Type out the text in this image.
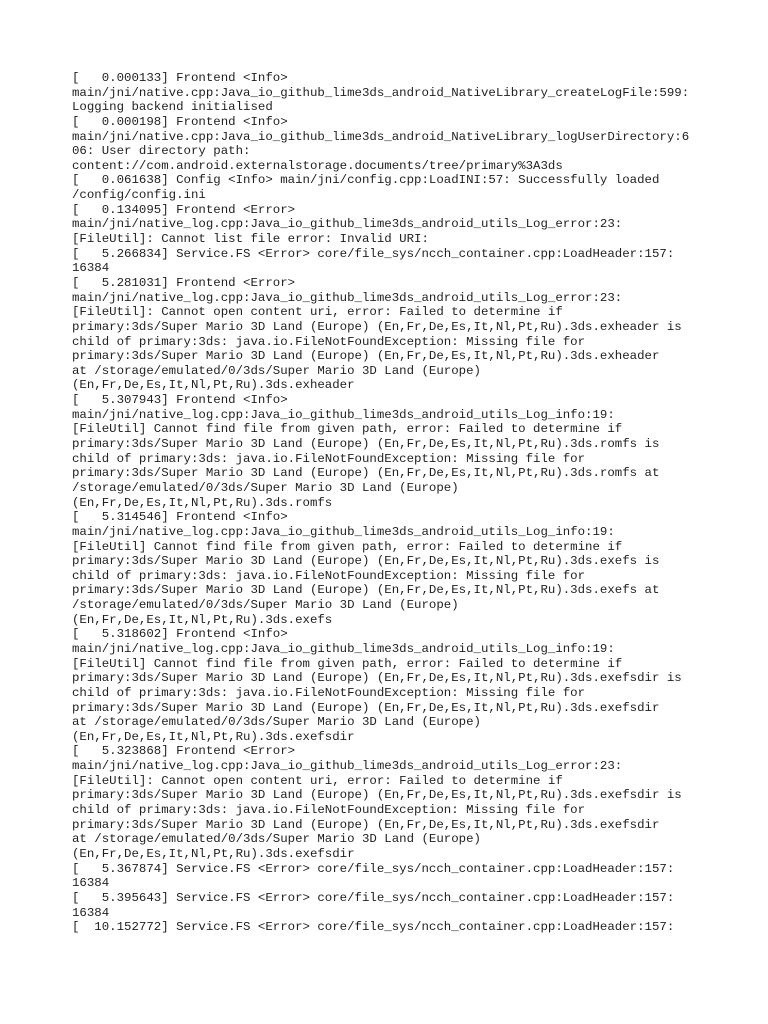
[   0.000133] Frontend <Info>
main/jni/native.cpp:Java_io_github_lime3ds_android_NativeLibrary_createLogFile:599:
Logging backend initialised
[   0.000198] Frontend <Info>
main/jni/native.cpp:Java_io_github_lime3ds_android_NativeLibrary_logUserDirectory:6
06: User directory path:
content://com.android.externalstorage.documents/tree/primary%3A3ds
[   0.061638] Config <Info> main/jni/config.cpp:LoadINI:57: Successfully loaded
/config/config.ini
[   0.134095] Frontend <Error>
main/jni/native_log.cpp:Java_io_github_lime3ds_android_utils_Log_error:23:
[FileUtil]: Cannot list file error: Invalid URI:
[   5.266834] Service.FS <Error> core/file_sys/ncch_container.cpp:LoadHeader:157:
16384
[   5.281031] Frontend <Error>
main/jni/native_log.cpp:Java_io_github_lime3ds_android_utils_Log_error:23:
[FileUtil]: Cannot open content uri, error: Failed to determine if
primary:3ds/Super Mario 3D Land (Europe) (En,Fr,De,Es,It,Nl,Pt,Ru).3ds.exheader is
child of primary:3ds: java.io.FileNotFoundException: Missing file for
primary:3ds/Super Mario 3D Land (Europe) (En,Fr,De,Es,It,Nl,Pt,Ru).3ds.exheader
at /storage/emulated/0/3ds/Super Mario 3D Land (Europe)
(En,Fr,De,Es,It,Nl,Pt,Ru).3ds.exheader
[   5.307943] Frontend <Info>
main/jni/native_log.cpp:Java_io_github_lime3ds_android_utils_Log_info:19:
[FileUtil] Cannot find file from given path, error: Failed to determine if
primary:3ds/Super Mario 3D Land (Europe) (En,Fr,De,Es,It,Nl,Pt,Ru).3ds.romfs is
child of primary:3ds: java.io.FileNotFoundException: Missing file for
primary:3ds/Super Mario 3D Land (Europe) (En,Fr,De,Es,It,Nl,Pt,Ru).3ds.romfs at
/storage/emulated/0/3ds/Super Mario 3D Land (Europe)
(En,Fr,De,Es,It,Nl,Pt,Ru).3ds.romfs
[   5.314546] Frontend <Info>
main/jni/native_log.cpp:Java_io_github_lime3ds_android_utils_Log_info:19:
[FileUtil] Cannot find file from given path, error: Failed to determine if
primary:3ds/Super Mario 3D Land (Europe) (En,Fr,De,Es,It,Nl,Pt,Ru).3ds.exefs is
child of primary:3ds: java.io.FileNotFoundException: Missing file for
primary:3ds/Super Mario 3D Land (Europe) (En,Fr,De,Es,It,Nl,Pt,Ru).3ds.exefs at
/storage/emulated/0/3ds/Super Mario 3D Land (Europe)
(En,Fr,De,Es,It,Nl,Pt,Ru).3ds.exefs
[   5.318602] Frontend <Info>
main/jni/native_log.cpp:Java_io_github_lime3ds_android_utils_Log_info:19:
[FileUtil] Cannot find file from given path, error: Failed to determine if
primary:3ds/Super Mario 3D Land (Europe) (En,Fr,De,Es,It,Nl,Pt,Ru).3ds.exefsdir is
child of primary:3ds: java.io.FileNotFoundException: Missing file for
primary:3ds/Super Mario 3D Land (Europe) (En,Fr,De,Es,It,Nl,Pt,Ru).3ds.exefsdir
at /storage/emulated/0/3ds/Super Mario 3D Land (Europe)
(En,Fr,De,Es,It,Nl,Pt,Ru).3ds.exefsdir
[   5.323868] Frontend <Error>
main/jni/native_log.cpp:Java_io_github_lime3ds_android_utils_Log_error:23:
[FileUtil]: Cannot open content uri, error: Failed to determine if
primary:3ds/Super Mario 3D Land (Europe) (En,Fr,De,Es,It,Nl,Pt,Ru).3ds.exefsdir is
child of primary:3ds: java.io.FileNotFoundException: Missing file for
primary:3ds/Super Mario 3D Land (Europe) (En,Fr,De,Es,It,Nl,Pt,Ru).3ds.exefsdir
at /storage/emulated/0/3ds/Super Mario 3D Land (Europe)
(En,Fr,De,Es,It,Nl,Pt,Ru).3ds.exefsdir
[   5.367874] Service.FS <Error> core/file_sys/ncch_container.cpp:LoadHeader:157:
16384
[   5.395643] Service.FS <Error> core/file_sys/ncch_container.cpp:LoadHeader:157:
16384
[  10.152772] Service.FS <Error> core/file_sys/ncch_container.cpp:LoadHeader:157:
